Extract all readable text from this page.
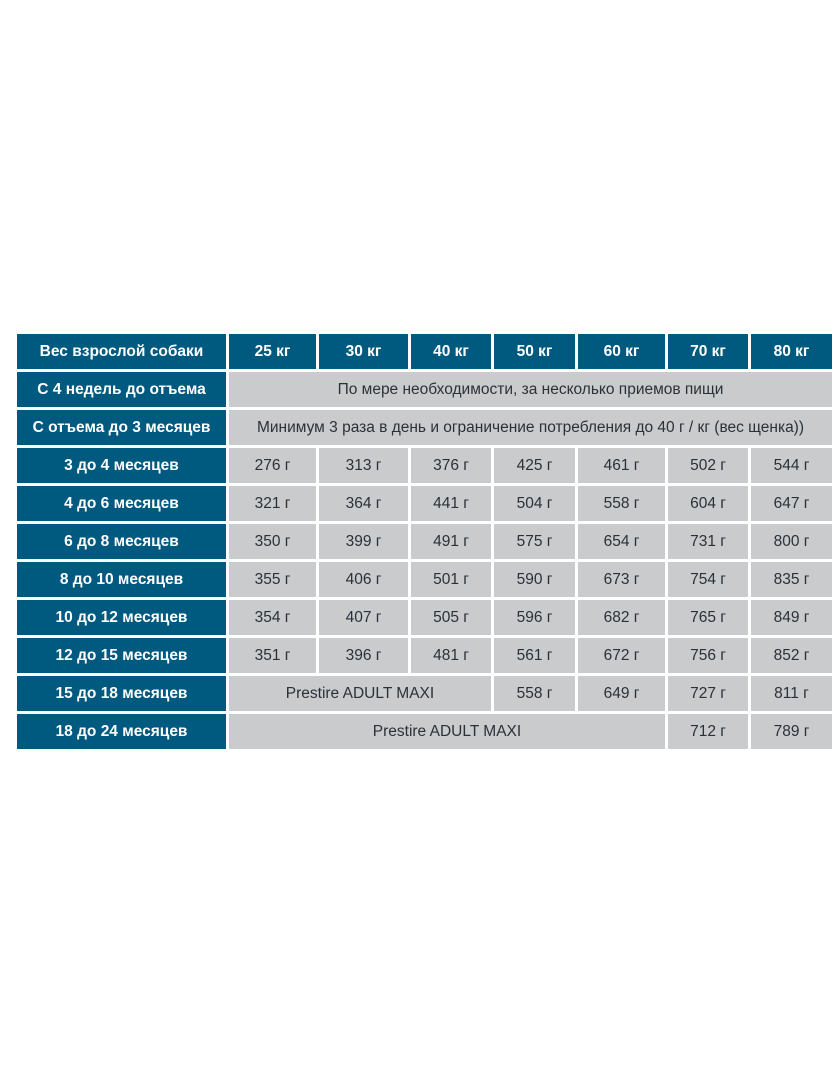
Вес взрослой собаки	25 кг	30 кг	40 кг	50 кг	60 кг	70 кг	80 кг
С 4 недель до отъема	По мере необходимости, за несколько приемов пищи						
С отъема до 3 месяцев	Минимум 3 раза в день и ограничение потребления до 40 г / кг (вес щенка))						
3 до 4 месяцев	276 г	313 г	376 г	425 г	461 г	502 г	544 г
4 до 6 месяцев	321 г	364 г	441 г	504 г	558 г	604 г	647 г
6 до 8 месяцев	350 г	399 г	491 г	575 г	654 г	731 г	800 г
8 до 10 месяцев	355 г	406 г	501 г	590 г	673 г	754 г	835 г
10 до 12 месяцев	354 г	407 г	505 г	596 г	682 г	765 г	849 г
12 до 15 месяцев	351 г	396 г	481 г	561 г	672 г	756 г	852 г
15 до 18 месяцев	Prestire ADULT MAXI			558 г	649 г	727 г	811 г
18 до 24 месяцев	Prestire ADULT MAXI					712 г	789 г
